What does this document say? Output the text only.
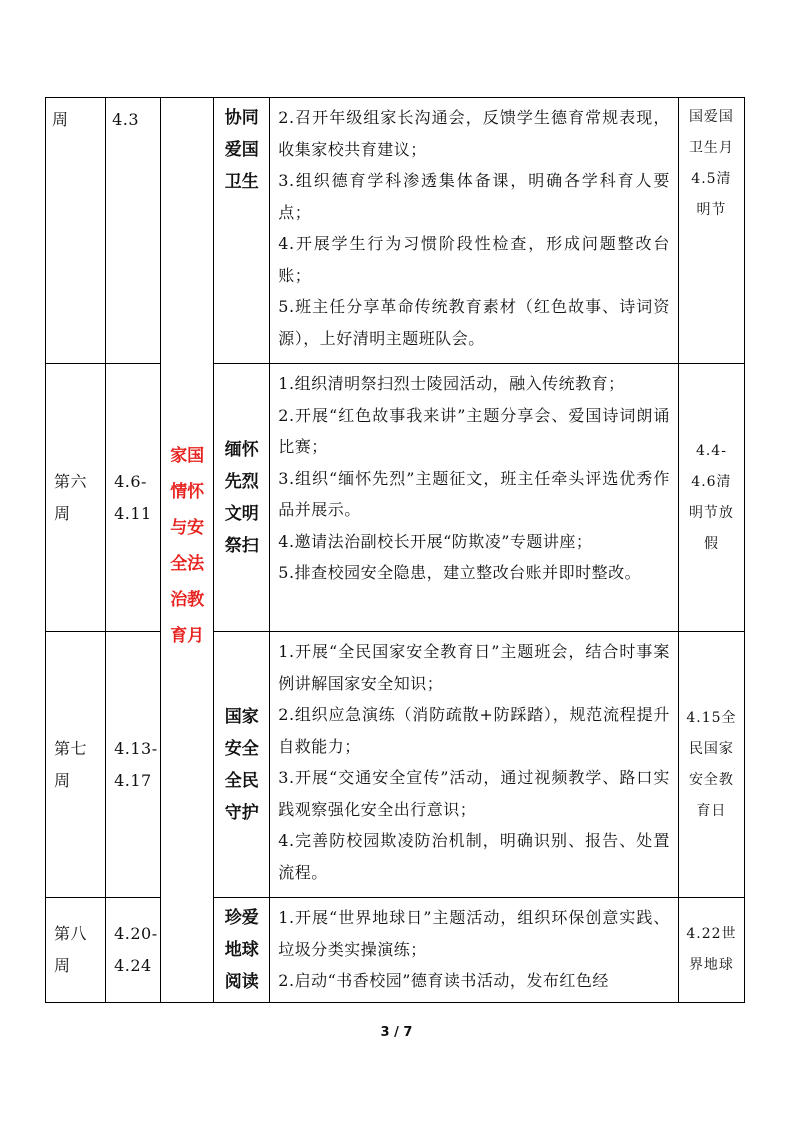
周	4.3	家国情怀与安全法治教育月	协同爱国卫生	2.召开年级组家长沟通会，反馈学生德育常规表现，收集家校共育建议；
3.组织德育学科渗透集体备课，明确各学科育人要点；
4.开展学生行为习惯阶段性检查，形成问题整改台账；
5.班主任分享革命传统教育素材（红色故事、诗词资源），上好清明主题班队会。	国爱国卫生月4.5清明节

第六周	4.6-4.11		缅怀先烈文明祭扫	1.组织清明祭扫烈士陵园活动，融入传统教育；
2.开展“红色故事我来讲”主题分享会、爱国诗词朗诵比赛；
3.组织“缅怀先烈”主题征文，班主任牵头评选优秀作品并展示。
4.邀请法治副校长开展“防欺凌”专题讲座；
5.排查校园安全隐患，建立整改台账并即时整改。	4.4-4.6清明节放假

第七周	4.13-4.17		国家安全全民守护	1.开展“全民国家安全教育日”主题班会，结合时事案例讲解国家安全知识；
2.组织应急演练（消防疏散+防踩踏），规范流程提升自救能力；
3.开展“交通安全宣传”活动，通过视频教学、路口实践观察强化安全出行意识；
4.完善防校园欺凌防治机制，明确识别、报告、处置流程。	4.15全民国家安全教育日

第八周	4.20-4.24		珍爱地球阅读	1.开展“世界地球日”主题活动，组织环保创意实践、垃圾分类实操演练；
2.启动“书香校园”德育读书活动，发布红色经	4.22世界地球
3 / 7
